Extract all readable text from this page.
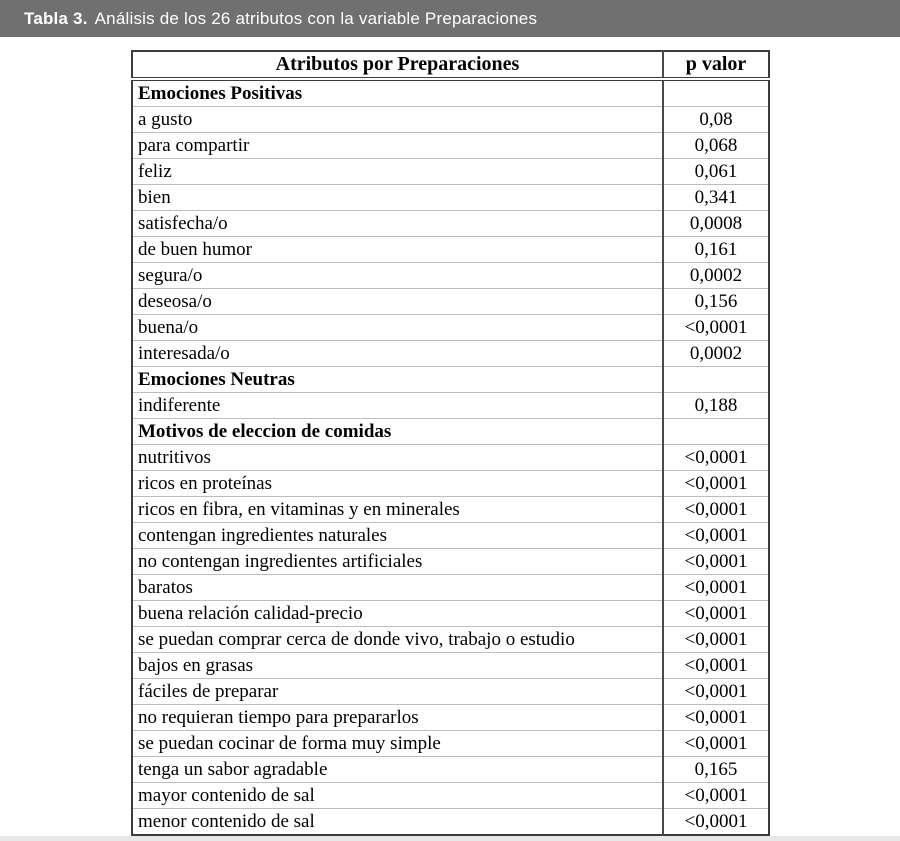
Tabla 3. Análisis de los 26 atributos con la variable Preparaciones
Atributos por Preparaciones	p valor
Emociones Positivas	
a gusto	0,08
para compartir	0,068
feliz	0,061
bien	0,341
satisfecha/o	0,0008
de buen humor	0,161
segura/o	0,0002
deseosa/o	0,156
buena/o	<0,0001
interesada/o	0,0002
Emociones Neutras	
indiferente	0,188
Motivos de eleccion de comidas	
nutritivos	<0,0001
ricos en proteínas	<0,0001
ricos en fibra, en vitaminas y en minerales	<0,0001
contengan ingredientes naturales	<0,0001
no contengan ingredientes artificiales	<0,0001
baratos	<0,0001
buena relación calidad-precio	<0,0001
se puedan comprar cerca de donde vivo, trabajo o estudio	<0,0001
bajos en grasas	<0,0001
fáciles de preparar	<0,0001
no requieran tiempo para prepararlos	<0,0001
se puedan cocinar de forma muy simple	<0,0001
tenga un sabor agradable	0,165
mayor contenido de sal	<0,0001
menor contenido de sal	<0,0001
